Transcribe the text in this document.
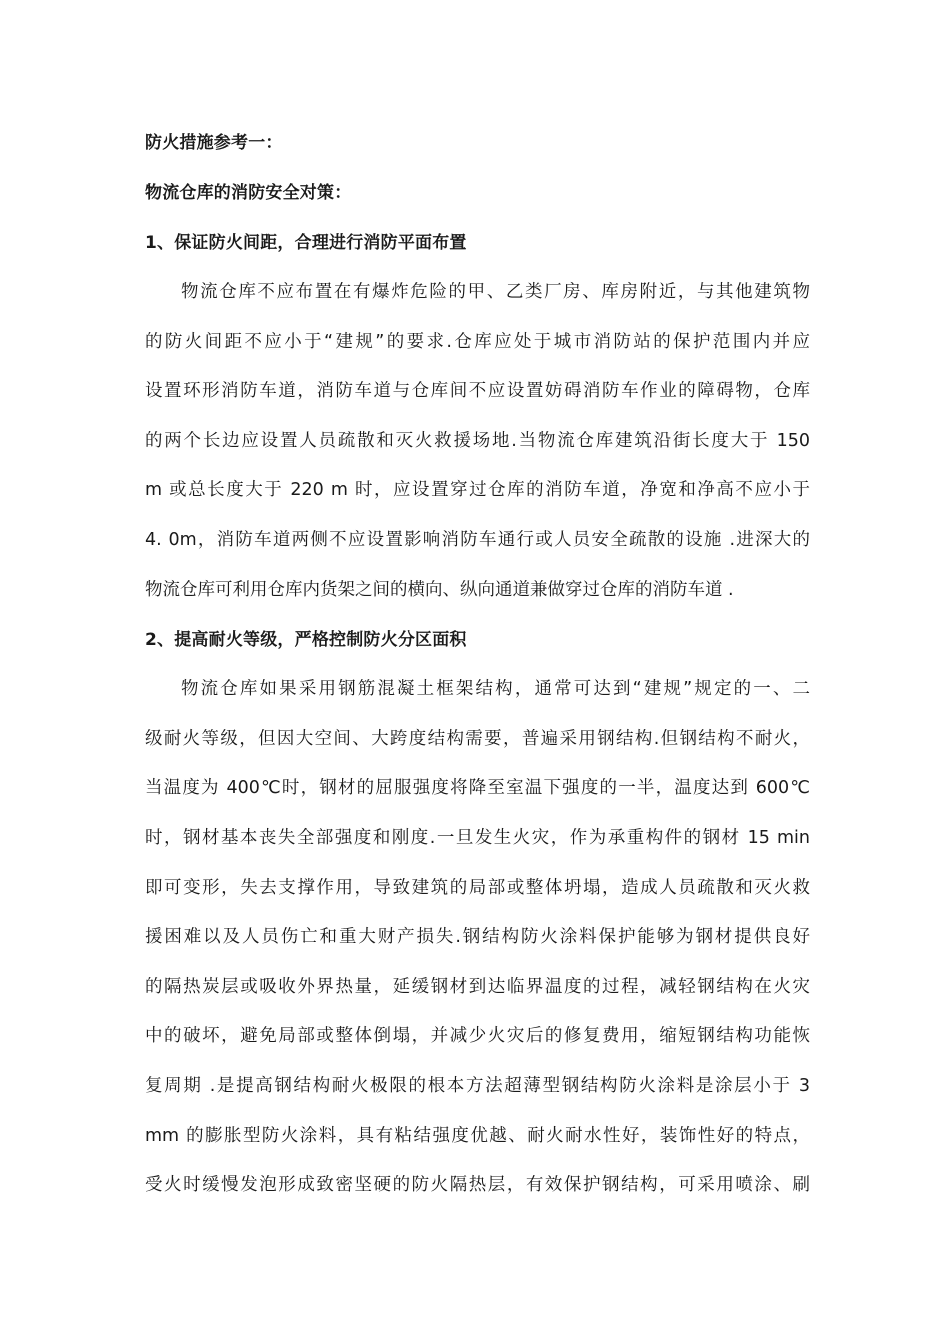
防火措施参考一：
物流仓库的消防安全对策：
1、保证防火间距，合理进行消防平面布置
物流仓库不应布置在有爆炸危险的甲、乙类厂房、库房附近，与其他建筑物
的防火间距不应小于“建规”的要求.仓库应处于城市消防站的保护范围内并应
设置环形消防车道，消防车道与仓库间不应设置妨碍消防车作业的障碍物，仓库
的两个长边应设置人员疏散和灭火救援场地.当物流仓库建筑沿街长度大于 150
m 或总长度大于 220 m 时，应设置穿过仓库的消防车道，净宽和净高不应小于
4. 0m，消防车道两侧不应设置影响消防车通行或人员安全疏散的设施 .进深大的
物流仓库可利用仓库内货架之间的横向、纵向通道兼做穿过仓库的消防车道 .
2、提高耐火等级，严格控制防火分区面积
物流仓库如果采用钢筋混凝土框架结构，通常可达到“建规”规定的一、二
级耐火等级，但因大空间、大跨度结构需要，普遍采用钢结构.但钢结构不耐火，
当温度为 400℃时，钢材的屈服强度将降至室温下强度的一半，温度达到 600℃
时，钢材基本丧失全部强度和刚度.一旦发生火灾，作为承重构件的钢材 15 min
即可变形，失去支撑作用，导致建筑的局部或整体坍塌，造成人员疏散和灭火救
援困难以及人员伤亡和重大财产损失.钢结构防火涂料保护能够为钢材提供良好
的隔热炭层或吸收外界热量，延缓钢材到达临界温度的过程，减轻钢结构在火灾
中的破坏，避免局部或整体倒塌，并减少火灾后的修复费用，缩短钢结构功能恢
复周期 .是提高钢结构耐火极限的根本方法超薄型钢结构防火涂料是涂层小于 3
mm 的膨胀型防火涂料，具有粘结强度优越、耐火耐水性好，装饰性好的特点，
受火时缓慢发泡形成致密坚硬的防火隔热层，有效保护钢结构，可采用喷涂、刷
